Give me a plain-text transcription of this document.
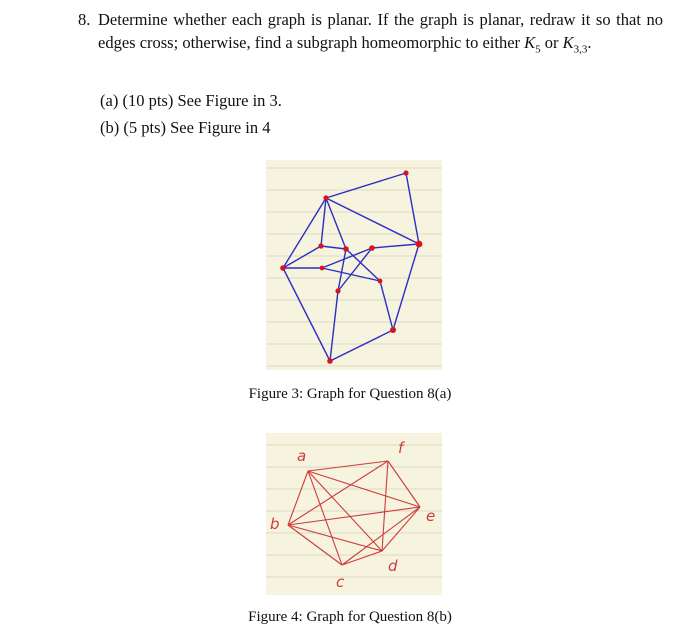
8. Determine whether each graph is planar. If the graph is planar, redraw it so that no edges cross; otherwise, find a subgraph homeomorphic to either $K_5$ or $K_{3,3}$.
(a) (10 pts) See Figure in 3.
(b) (5 pts) See Figure in 4
Figure 3: Graph for Question 8(a)
a
b
c
d
e
f
Figure 4: Graph for Question 8(b)
